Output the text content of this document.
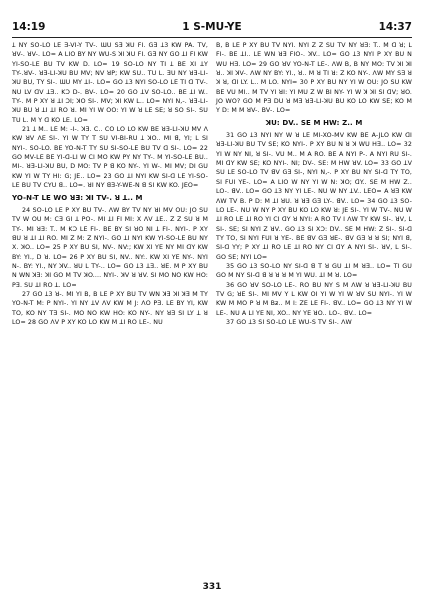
14:19	1 S-MU-YE	14:37

Ʇ NY SO-LO LE Ǝ-VI-Y TV-. ƜU SƎ ꓘU FI. GƎ Ʇ3 KW PA. TV, ꓤV-. ꓤV-. LO= A LIO BY NY WU-S ꓘI ꓘU FI. GƎ NY GO ꓕI FI KW YI-SO-LE BU TV KW D. LO= 19 SO-LO NY TI Ʇ BE XI ꓕY TY-.ꓤV-. ꓤƎ-LI-ꓘU BU MV; ꓠV ꓤP; KW SU.. TU L. ƎU NY ꓤƎ-LI-ꓘU BU, TY SI-. ƜU MY ꓕI-. LO= GO Ʇ3 NYI SO-LO LE TI ꓷ TV-. NU LV ꓷV ꓕƎ.. KƆ D-. BV-. LO= 20 GO ꓕV SO-LO.. BE ꓕI W.. TY-. M P XY ꓤ ꓕI ƆI; ꓘO SI-. ꓟV; ꓘI KW L.. LO= NYI N,-. ꓤƎ-LI-ꓘU BU ꓤ ꓕI ꓕI RO ꓤ. MI YI W OO: YI W ꓤ LE SE; ꓤ SO SI-. SU TU L. ꓟ Y ꓷ KO LE. LO=

21 Ʇ M.. LE ꓟ: -I-. ꓘƎ. C.. CO LO LO KW BE ꓤƎ-LI-ꓘU ꓟV ꓥ KW ꓤV ꓥE SI-. YI W TY T SU VI-BI-RU Ʇ ꓘO.. MI ꓭ, YI; L SI NYI-. SO-LO. BE YO-N-T TY SU SI-SO-LE BU TV ꓷ SI-. LO= 22 GO ꓟV-LE BE YI-ꓷ-LI W CI MO KW PY NY TY-. ꓟ YI-SO-LE BU.. MI-. ꓤƎ-LI-ꓘU BU, ꓓ MO: TV P ꓭ KO NY-. YI W-. MI MV; ꓓI GU KW YI W TY HI: G; JE.. LO= 23 GO ꓕI NYI KW SI-ꓷ LE YI-SO-LE BU TV CYU ꓭ.. LO=. ꓤI NY ꓭƎ-Y-WE-N ꓭ SI KW KO. JEO=

YO-N-T LE WO ꓤƎ: ꓘI TV-. ꓤ ꓕ.. ꓟ

24 SO-LO LE P XY BU TV-. ꓥW BY TV NY ꓤI ꓟV OU: JO SU TV W OU ꓟ: CƎ GI ꓕ PO-. ꓟI ꓕI FI MI: ꓫ ꓥV ꓕE.. Z Z SU ꓤ ꓟ TY-. ꓟI ꓤƎ: T.. ꓟ KƆ LE FI-. BE BY SI ꓤO NI ꓕ FI-. NYI-. P XY ꓭU ꓤ ꓕI ꓕI RO. MI Z ꓟ: Z NYI-. GO ꓕI NYI KW YI-SO-LE BU NY X. ꓘO.. LO= 25 P XY BU SI, NV-. NV:; KW ꓫI YE NY MI ꓷY KW BY: YI., ꓓ ꓤ. LO= 26 P XY BU SI, NV.. NY:. KW ꓫI YE NY-. NYI N-. BY: YI., NY ꓘV.. ꓤU L TY-.. LO= GO Ʇ3 ꓕƎ.. ꓤE. ꓟ P XY BU N WN ꓘƎ: ꓘI GO ꓟ TV ꓘO.... NYI-. ꓘV ꓤ ꓤV. SI MO NO KW HO: PƎ. SU ꓕI RO ꓕ. LO=

27 GO Ʇ3 ꓤ-. MI YI B, B LE P XY BU TV WN ꓘƎ ꓘI ꓘƎ ꓟ TY YO-N-T ꓟ: ꓑ NYI-. YI NY ꓕV ꓥV KW ꓟ J: ꓥO PƎ. LE BY YI, KW TO, KO NY TƎ SI-. MO NO KW HO: KO NY-. NY ꓤƎ SI LY ꓕ ꓤ LO= 28 GO ꓥV P XY KO LO KW ꓟ ꓕI RO LE-. NU

B, B LE P XY BU TV NYI. NYI Z Z SU TV NY ꓤƎ: T.. ꓟ ꓷ ꓤ; L FI-. BE ꓕI.. LE WN ꓤƎ FIO-. ꓘV.. LO= GO Ʇ3 NYI P XY BU N WU HƎ. LO= 29 GO ꓤV YO-N-T LE-. ꓥW B, B NY MO: TV ꓘI ꓘI ꓤ.. ꓘI ꓘV-. ꓥW NY BY: YI., ꓤ.. ꓟ ꓤ TI ꓤ: Z KO NY-. ꓥW MY SƎ ꓤ ꓘ ꓤ, ꓷI LY. L.. ꓟ LO. NYI= 30 P XY BU NY YI W OU: JO SU KW BE VU MI.. ꓟ TV YI ꓤI: YI MU Z W BI NY- YI W ꓘ ꓘI SI ꓷV; ꓤO. JO WO? GO M PƎ DU ꓤ MƎ ꓤƎ-LI-ꓘU BU KO LO KW SE; KO ꓟ Y ꓓ: M M ꓤV-. BV-. LO=

ꓘU: ꓓV.. SE M HW: Z.. ꓟ

31 GO Ʇ3 NYI NY W ꓤ LE MI-XO-ꓟV KW BE A-JLO KW ꓷI ꓤƎ-LI-ꓘU BU TV SE; KO NYI-. P XY BU N ꓤ ꓘ WU HƎ.. LO= 32 YI W NY NI, ꓤ SI-. VU ꓟ.. ꓟ A RO. BE A NYI P-. A NYI RU SI-. MI ꓷY KW SE; KO NYI-. NI; ꓓV-. SE: M HW ꓤV. LO= 33 GO ꓕV SU LE SO-LO TV ꓭV GƎ SI-, NYI N,-. P XY BU NY SI-ꓷ TY TO, SI FUI YE-. LO= A LIO W NY YI W N: ꓘO; ꓷY.. SE M HW Z.. LO-. ꓭV.. LO= GO Ʇ3 NY YI LE-. NU W NY ꓕV.. LEO= A ꓤƎ KW ꓥW TV B. P D: ꓟ ꓕI ꓤU. ꓤ ꓤƎ GƎ LY-. ꓭV.. LO= 34 GO Ʇ3 SO-LO LE-. NU W NY P XY BU KO LO KW ꓤ: JE SI-. YI W TV-. NU W ꓕI RO LE ꓕI RO YI CI ꓷY ꓤ NYI: A RO TV I ꓥW TY KW SI-. ꓤV, L SI-. SE; SI NYI Z ꓤV.. GO Ʇ3 SI XƆ: ꓓV.. SE M HW: Z SI-. SI-ꓷ TY TO, SI NYI FUI ꓤ YE-. BE ꓭV GƎ ꓤE-. ꓭV GƎ ꓤ ꓤ SI; NYI ꓭ, SI-ꓷ YY; P XY ꓕI RO LE ꓕI RO NY CI ꓷY A NYI SI-. ꓤV, L SI-. GO SE; NYI LO=

35 GO Ʇ3 SO-LO NY SI-ꓷ ꓭ T ꓤ GU ꓕI ꓟ ꓤƎ.. LO= TI GU GO M NY SI-ꓷ ꓭ ꓤ ꓤ ꓤ ꓟ YI WU. ꓕI ꓟ ꓤ. LO=

36 GO ꓤV SO-LO LE-. RO BU NY S ꓟ ꓥW ꓤ ꓤƎ-LI-ꓘU BU TV G; ꓤE SI-. ꓟI ꓟV Y L KW OI YI W YI W ꓤV SU NYI-. YI W KW ꓟ ꓟO P ꓤ ꓟ Bƶ.. ꓟ I: ZE LE FI-. ꓭV.. LO= GO Ʇ3 NY YI W LE-. NU A LI YE NI, XO.. NY YE ꓤO.. LO-. ꓭV.. LO=

37 GO Ʇ3 SI SO-LO LE WU-S TV SI-. ꓥW

331
